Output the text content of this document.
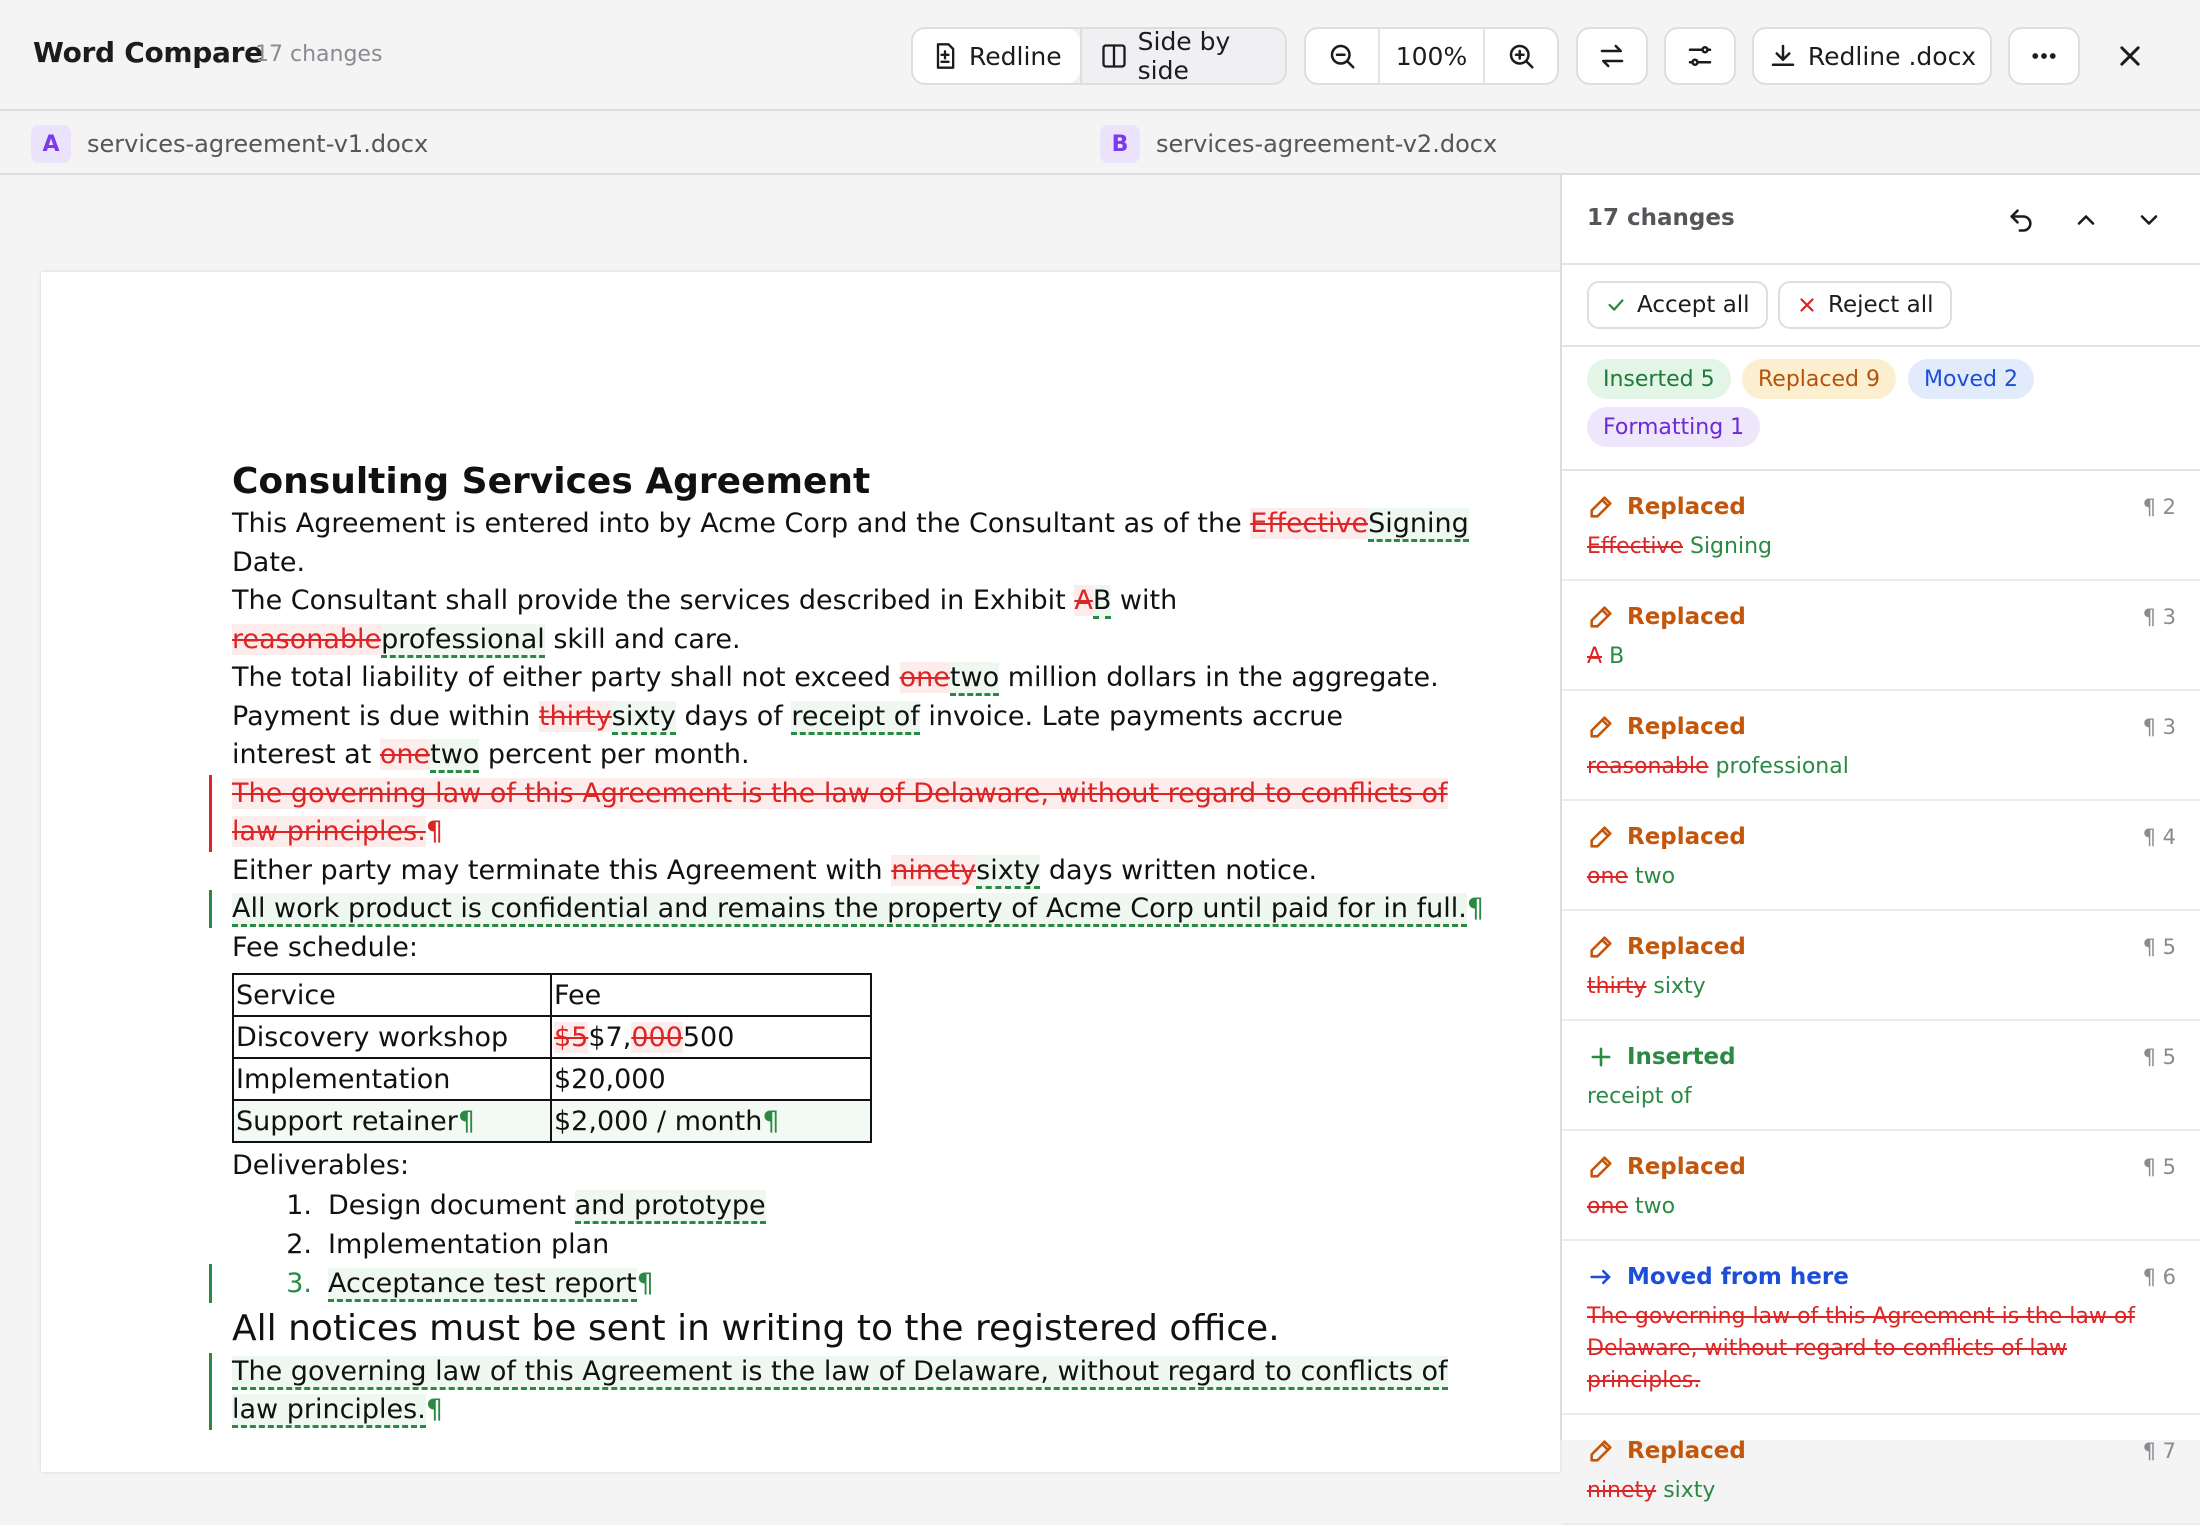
Word Compare
17 changes	Redline	Side by side	100%	Redline .docx
A	services-agreement-v1.docx	B	services-agreement-v2.docx
Consulting Services Agreement
This Agreement is entered into by Acme Corp and the Consultant as of the EffectiveSigning Date.
The Consultant shall provide the services described in Exhibit AB with reasonableprofessional skill and care.
The total liability of either party shall not exceed onetwo million dollars in the aggregate.
Payment is due within thirtysixty days of receipt of invoice. Late payments accrue interest at onetwo percent per month.
The governing law of this Agreement is the law of Delaware, without regard to conflicts of law principles.¶
Either party may terminate this Agreement with ninetysixty days written notice.
All work product is confidential and remains the property of Acme Corp until paid for in full.¶
Fee schedule:
Service	Fee
Discovery workshop	$5$7,000500
Implementation	$20,000
Support retainer¶	$2,000 / month¶
Deliverables:
1. Design document and prototype
2. Implementation plan
3. Acceptance test report¶
All notices must be sent in writing to the registered office.
The governing law of this Agreement is the law of Delaware, without regard to conflicts of law principles.¶
17 changes
Accept all	Reject all
Inserted 5	Replaced 9	Moved 2
Formatting 1
Replaced	¶ 2
Effective Signing
Replaced	¶ 3
A B
Replaced	¶ 3
reasonable professional
Replaced	¶ 4
one two
Replaced	¶ 5
thirty sixty
Inserted	¶ 5
receipt of
Replaced	¶ 5
one two
Moved from here	¶ 6
The governing law of this Agreement is the law of Delaware, without regard to conflicts of law principles.
Replaced	¶ 7
ninety sixty
